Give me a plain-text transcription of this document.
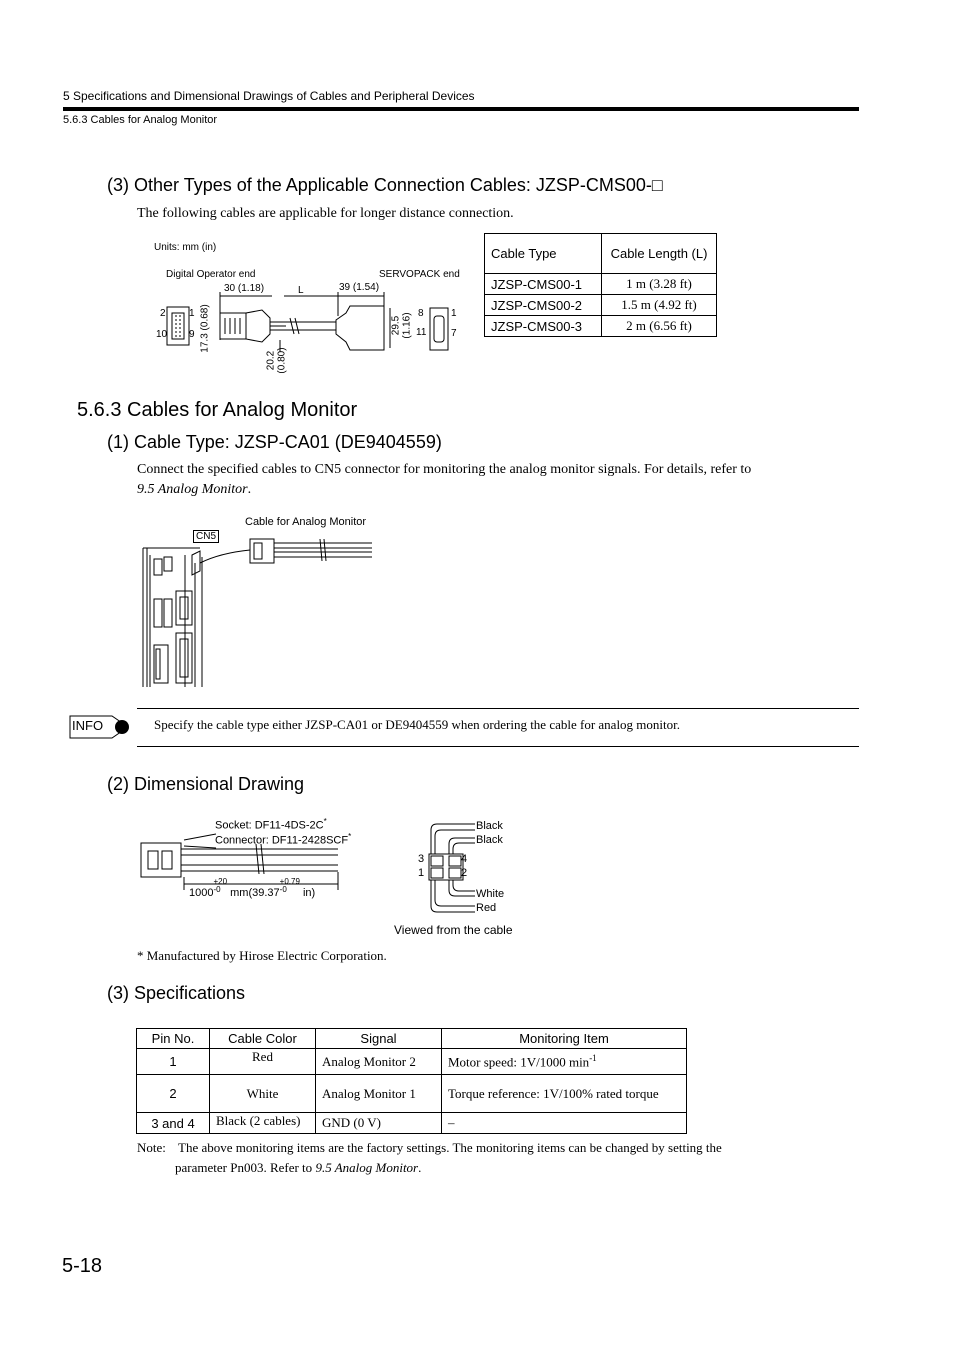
5 Specifications and Dimensional Drawings of Cables and Peripheral Devices
5.6.3 Cables for Analog Monitor
(3) Other Types of the Applicable Connection Cables: JZSP-CMS00-□
The following cables are applicable for longer distance connection.
Units: mm (in)
Digital Operator end	SERVOPACK end
30 (1.18)	L	39 (1.54)
2 1
10 9
8	1
11 7
17.3 (0.68)
20.2 (0.80)
29.5 (1.16)
Cable Type	Cable Length (L)
JZSP-CMS00-1	1 m (3.28 ft)
JZSP-CMS00-2	1.5 m (4.92 ft)
JZSP-CMS00-3	2 m (6.56 ft)
5.6.3 Cables for Analog Monitor
(1) Cable Type: JZSP-CA01 (DE9404559)
Connect the specified cables to CN5 connector for monitoring the analog monitor signals. For details, refer to
9.5 Analog Monitor.
CN5
Cable for Analog Monitor
INFO	Specify the cable type either JZSP-CA01 or DE9404559 when ordering the cable for analog monitor.
(2) Dimensional Drawing
Socket: DF11-4DS-2C*
Connector: DF11-2428SCF*
1000+20
-0 mm(39.37+0.79
-0 in)
Black
Black
White
Red
3
1
4
2
Viewed from the cable
* Manufactured by Hirose Electric Corporation.
(3) Specifications
Pin No.	Cable Color	Signal	Monitoring Item
1	Red	Analog Monitor 2	Motor speed: 1V/1000 $\min^{-1}$
2	White	Analog Monitor 1	Torque reference: 1V/100% rated torque
3 and 4	Black (2 cables)	GND (0 V)	–
Note: The above monitoring items are the factory settings. The monitoring items can be changed by setting the
parameter Pn003. Refer to 9.5 Analog Monitor.
5-18
